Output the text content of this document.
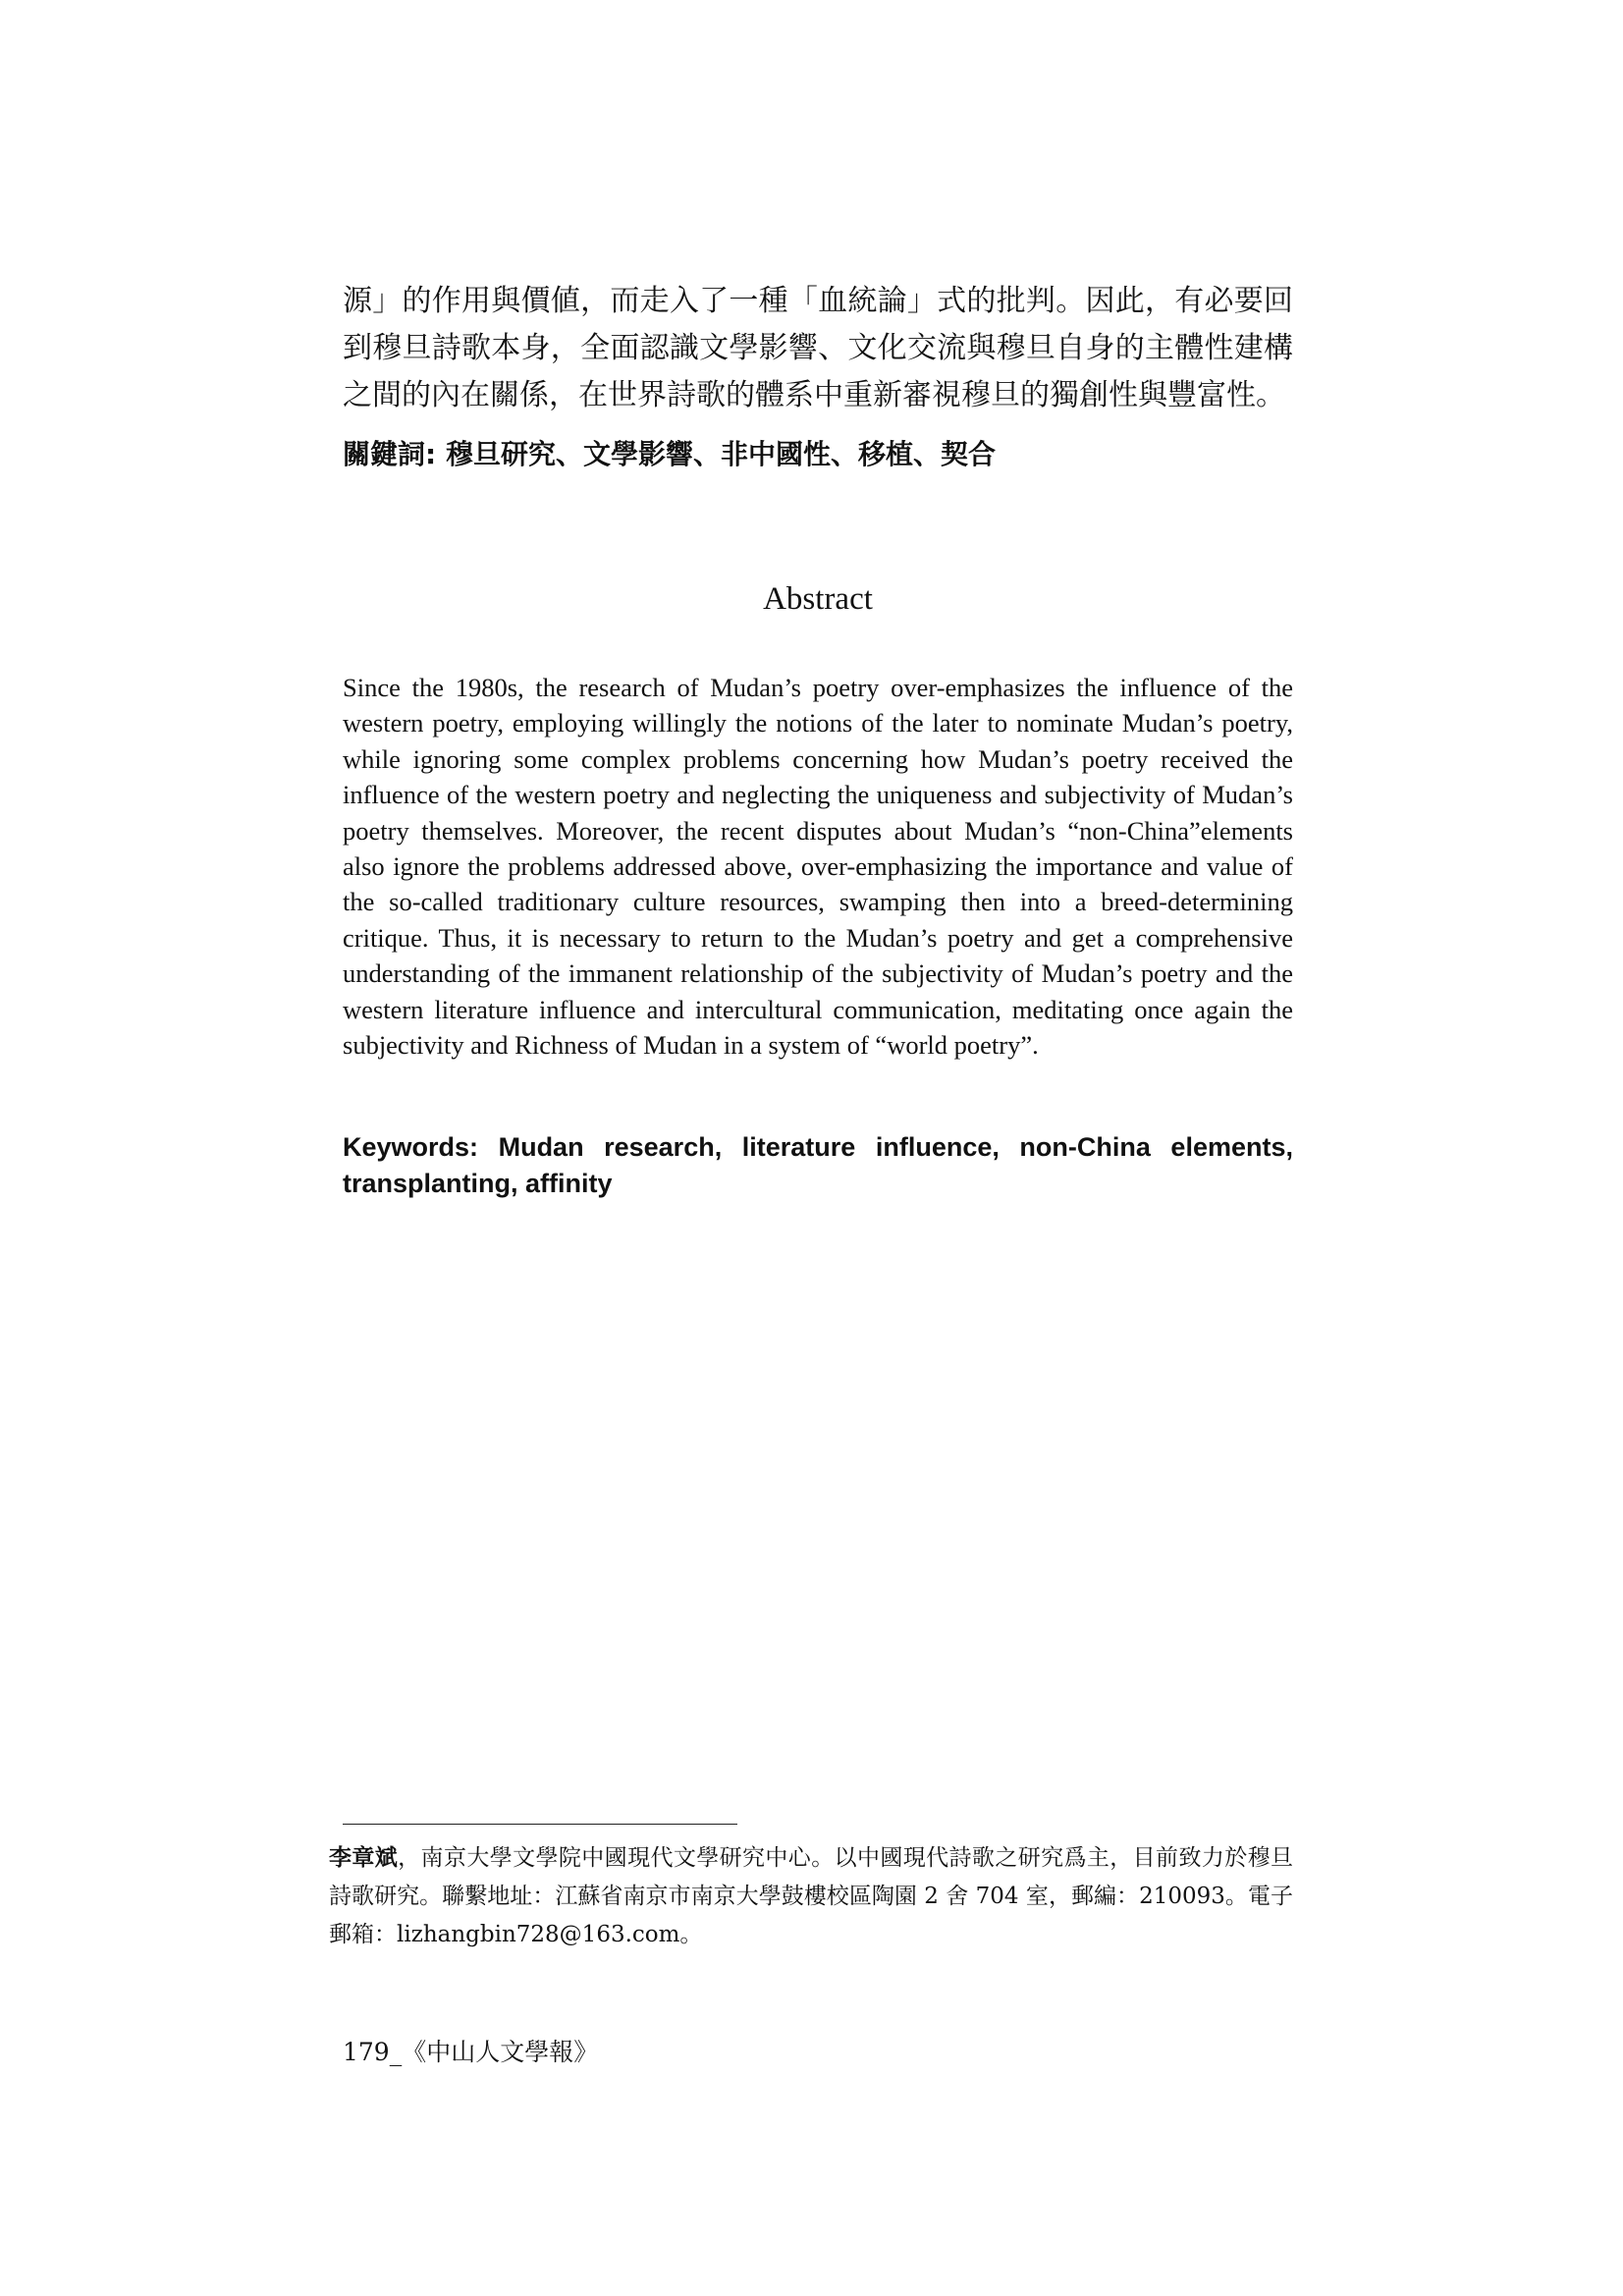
源」的作用與價値，而走入了一種「血統論」式的批判。因此，有必要回到穆旦詩歌本身，全面認識文學影響、文化交流與穆旦自身的主體性建構之間的內在關係，在世界詩歌的體系中重新審視穆旦的獨創性與豐富性。

關鍵詞: 穆旦研究、文學影響、非中國性、移植、契合

Abstract

Since the 1980s, the research of Mudan’s poetry over-emphasizes the influence of the western poetry, employing willingly the notions of the later to nominate Mudan’s poetry, while ignoring some complex problems concerning how Mudan’s poetry received the influence of the western poetry and neglecting the uniqueness and subjectivity of Mudan’s poetry themselves. Moreover, the recent disputes about Mudan’s “non-China”elements also ignore the problems addressed above, over-emphasizing the importance and value of the so-called traditionary culture resources, swamping then into a breed-determining critique. Thus, it is necessary to return to the Mudan’s poetry and get a comprehensive understanding of the immanent relationship of the subjectivity of Mudan’s poetry and the western literature influence and intercultural communication, meditating once again the subjectivity and Richness of Mudan in a system of “world poetry”.

Keywords: Mudan research, literature influence, non-China elements, transplanting, affinity

李章斌，南京大學文學院中國現代文學研究中心。以中國現代詩歌之研究爲主，目前致力於穆旦詩歌研究。聯繫地址：江蘇省南京市南京大學鼓樓校區陶園 2 舍 704 室，郵編：210093。電子郵箱：lizhangbin728@163.com。

179_《中山人文學報》
